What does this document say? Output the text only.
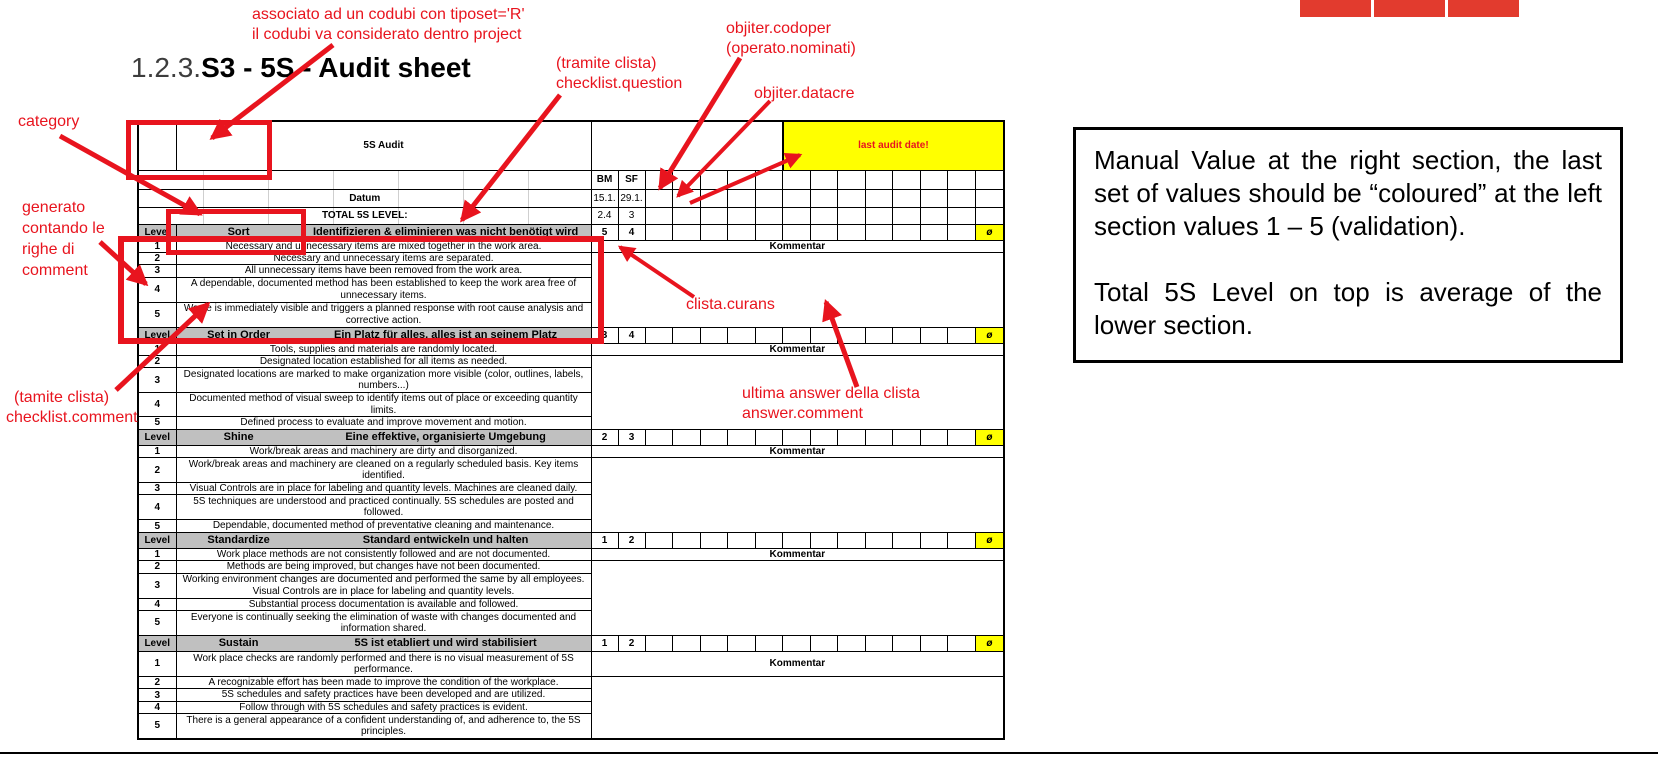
1.2.3.S3 - 5S - Audit sheet
	5S Audit								last audit date!							
		BM	SF													
Datum		15.1.	29.1.													
TOTAL 5S LEVEL:		2.4	3													
Level	Sort Identifizieren & eliminieren was nicht benötigt wird	5	4													ø
1	Necessary and unnecessary items are mixed together in the work area.	Kommentar														
2	Necessary and unnecessary items are separated.															
3	All unnecessary items have been removed from the work area.															
4	A dependable, documented method has been established to keep the work area free of unnecessary items.															
5	Waste is immediately visible and triggers a planned response with root cause analysis and corrective action.															
Level	Set in Order Ein Platz für alles, alles ist an seinem Platz	3	4													ø
1	Tools, supplies and materials are randomly located.	Kommentar														
2	Designated location established for all items as needed.															
3	Designated locations are marked to make organization more visible (color, outlines, labels, numbers...)															
4	Documented method of visual sweep to identify items out of place or exceeding quantity limits.															
5	Defined process to evaluate and improve movement and motion.															
Level	Shine Eine effektive, organisierte Umgebung	2	3													ø
1	Work/break areas and machinery are dirty and disorganized.	Kommentar														
2	Work/break areas and machinery are cleaned on a regularly scheduled basis. Key items identified.															
3	Visual Controls are in place for labeling and quantity levels. Machines are cleaned daily.															
4	5S techniques are understood and practiced continually. 5S schedules are posted and followed.															
5	Dependable, documented method of preventative cleaning and maintenance.															
Level	Standardize Standard entwickeln und halten	1	2													ø
1	Work place methods are not consistently followed and are not documented.	Kommentar														
2	Methods are being improved, but changes have not been documented.															
3	Working environment changes are documented and performed the same by all employees. Visual Controls are in place for labeling and quantity levels.															
4	Substantial process documentation is available and followed.															
5	Everyone is continually seeking the elimination of waste with changes documented and information shared.															
Level	Sustain 5S ist etabliert und wird stabilisiert	1	2													ø
1	Work place checks are randomly performed and there is no visual measurement of 5S performance.	Kommentar														
2	A recognizable effort has been made to improve the condition of the workplace.															
3	5S schedules and safety practices have been developed and are utilized.															
4	Follow through with 5S schedules and safety practices is evident.															
5	There is a general appearance of a confident understanding of, and adherence to, the 5S principles.															
associato ad un codubi con tiposet='R'
il codubi va considerato dentro project
(tramite clista)
checklist.question
objiter.codoper
(operato.nominati)
objiter.datacre
category
generato
contando le
righe di
comment
(tamite clista)
checklist.comment
clista.curans
ultima answer della clista
answer.comment

Manual Value at the right section, the last set of values should be “coloured” at the left section values 1 – 5 (validation).

Total 5S Level on top is average of the lower section.
